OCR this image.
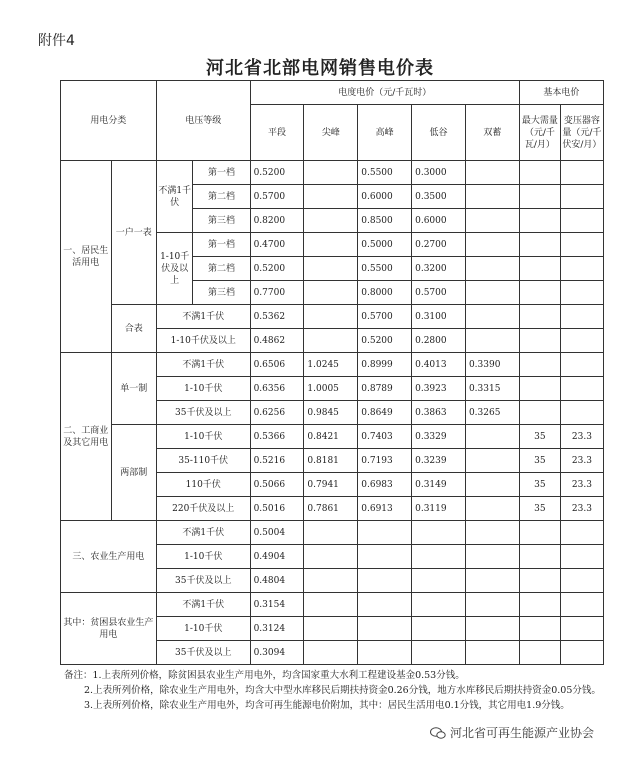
附件4
河北省北部电网销售电价表
用电分类		电压等级		电度电价（元/千瓦时）					基本电价	
				平段	尖峰	高峰	低谷	双蓄	最大需量（元/千瓦/月）	变压器容量（元/千伏安/月）
一、居民生活用电	一户一表	不满1千伏	第一档	0.5200		0.5500	0.3000			
			第二档	0.5700		0.6000	0.3500			
			第三档	0.8200		0.8500	0.6000			
		1-10千伏及以上	第一档	0.4700		0.5000	0.2700			
			第二档	0.5200		0.5500	0.3200			
			第三档	0.7700		0.8000	0.5700			
	合表	不满1千伏		0.5362		0.5700	0.3100			
		1-10千伏及以上		0.4862		0.5200	0.2800			
二、工商业及其它用电	单一制	不满1千伏		0.6506	1.0245	0.8999	0.4013	0.3390		
		1-10千伏		0.6356	1.0005	0.8789	0.3923	0.3315		
		35千伏及以上		0.6256	0.9845	0.8649	0.3863	0.3265		
	两部制	1-10千伏		0.5366	0.8421	0.7403	0.3329		35	23.3
		35-110千伏		0.5216	0.8181	0.7193	0.3239		35	23.3
		110千伏		0.5066	0.7941	0.6983	0.3149		35	23.3
		220千伏及以上		0.5016	0.7861	0.6913	0.3119		35	23.3
三、农业生产用电		不满1千伏		0.5004						
		1-10千伏		0.4904						
		35千伏及以上		0.4804						
其中：贫困县农业生产用电		不满1千伏		0.3154						
		1-10千伏		0.3124						
		35千伏及以上		0.3094						

备注：1.上表所列价格，除贫困县农业生产用电外，均含国家重大水利工程建设基金0.53分钱。

2.上表所列价格，除农业生产用电外，均含大中型水库移民后期扶持资金0.26分钱，地方水库移民后期扶持资金0.05分钱。

3.上表所列价格，除农业生产用电外，均含可再生能源电价附加，其中：居民生活用电0.1分钱，其它用电1.9分钱。

河北省可再生能源产业协会
